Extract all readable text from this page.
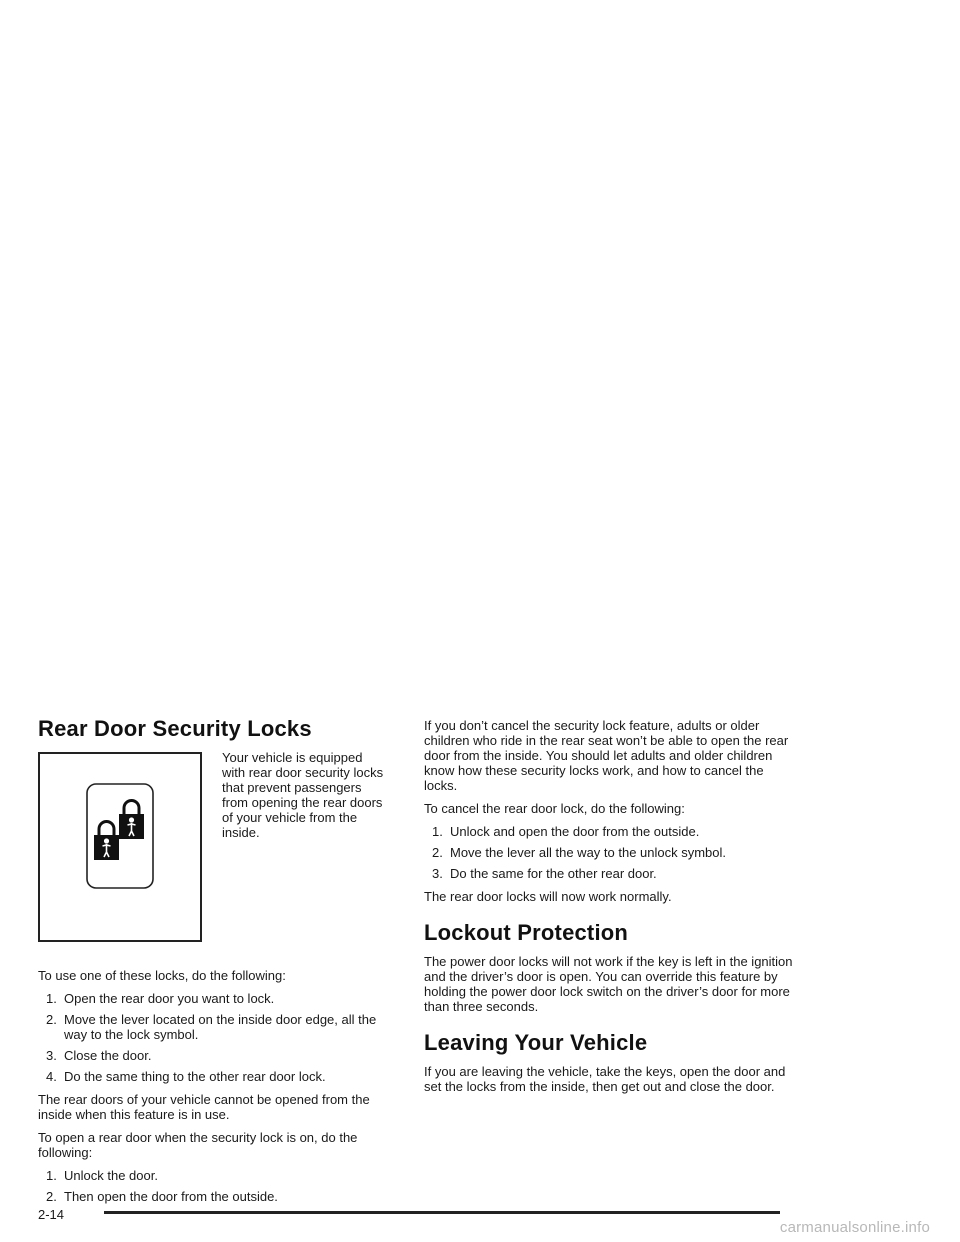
Rear Door Security Locks

Your vehicle is equipped with rear door security locks that prevent passengers from opening the rear doors of your vehicle from the inside.

To use one of these locks, do the following:

1. Open the rear door you want to lock.
2. Move the lever located on the inside door edge, all the way to the lock symbol.
3. Close the door.
4. Do the same thing to the other rear door lock.

The rear doors of your vehicle cannot be opened from the inside when this feature is in use.

To open a rear door when the security lock is on, do the following:

1. Unlock the door.
2. Then open the door from the outside.

If you don’t cancel the security lock feature, adults or older children who ride in the rear seat won’t be able to open the rear door from the inside. You should let adults and older children know how these security locks work, and how to cancel the locks.

To cancel the rear door lock, do the following:

1. Unlock and open the door from the outside.
2. Move the lever all the way to the unlock symbol.
3. Do the same for the other rear door.

The rear door locks will now work normally.

Lockout Protection

The power door locks will not work if the key is left in the ignition and the driver’s door is open. You can override this feature by holding the power door lock switch on the driver’s door for more than three seconds.

Leaving Your Vehicle

If you are leaving the vehicle, take the keys, open the door and set the locks from the inside, then get out and close the door.

2-14
carmanualsonline.info
